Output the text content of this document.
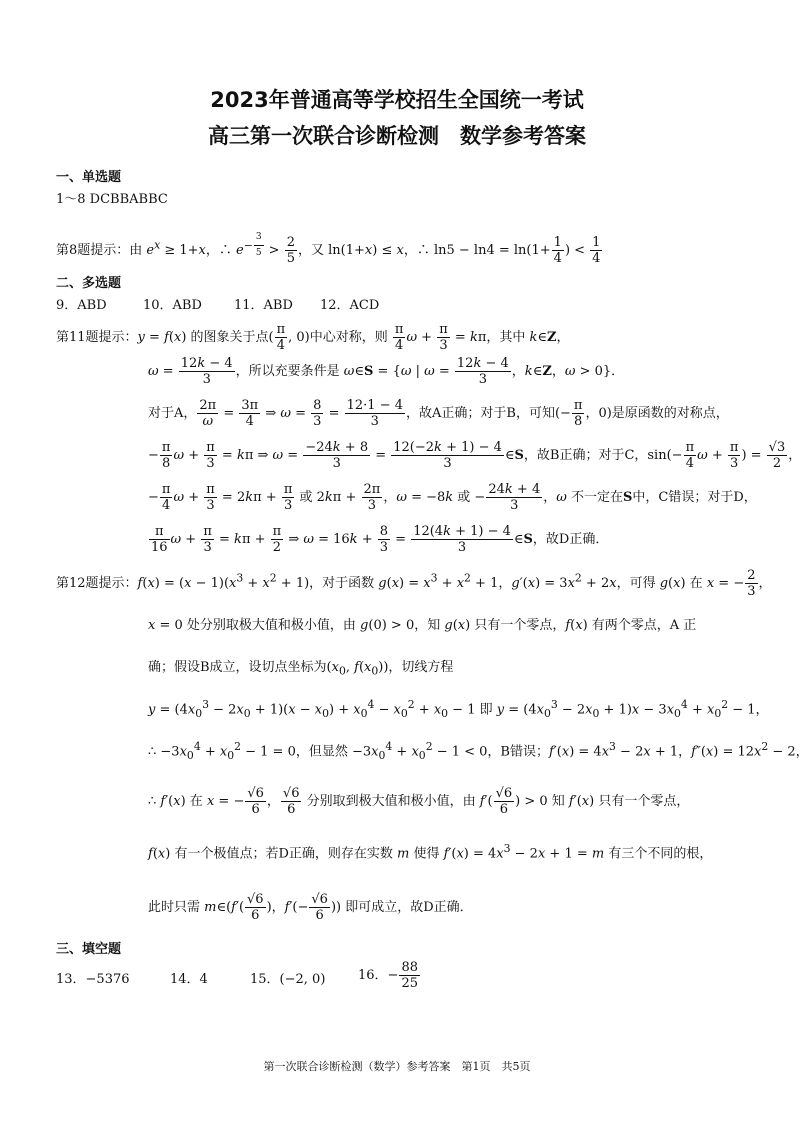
2023年普通高等学校招生全国统一考试
高三第一次联合诊断检测　数学参考答案
一、单选题
1～8 DCBBABBC
第8题提示：由 $e^x \ge 1+x$，∴ $e^{- \frac{3}{5}} > \frac{2}{5}$ ，又 ln(1+x) ≤ x，∴ $\ln 5 - \ln 4 = \ln(1+ \frac{1}{4}$ ) < $\frac{1}{4}$
二、多选题
9．ABD	10．ABD 11．ABD 12．ACD
第11题提示：y = f(x) 的图象关于点( $\frac{\pi}{4}$ , 0)中心对称，则 $\frac{\pi}{4}$ $\omega + \frac{\pi}{3} = k\pi$，其中 k∈Z，
$\omega = \frac{12k - 4}{3}$ ，所以充要条件是 ω∈S = {ω | $\omega = \frac{12k - 4}{3}$ ，k∈Z，ω > 0}．
对于A， $\frac{2\pi}{\omega} = \frac{3\pi}{4}$ ⇒ $\omega = \frac{8}{3} = \frac{12\cdot 1 - 4}{3}$ ，故A正确；对于B，可知(− $\frac{\pi}{8}$ ，0)是原函数的对称点，
− $\frac{\pi}{8}$ $\omega + \frac{\pi}{3} = k\pi$ ⇒ $\omega = \frac{-24k + 8}{3} = \frac{12(-2k + 1) - 4}{3}$ ∈S，故B正确；对于C，$\sin(- \frac{\pi}{4}$ $\omega + \frac{\pi}{3}$ ) = $\frac{√3}{2}$ ，
− $\frac{\pi}{4}$ $\omega + \frac{\pi}{3} = 2k\pi + \frac{\pi}{3}$ 或 $2k\pi + \frac{2\pi}{3}$ ，ω = −8k 或 − $\frac{24k + 4}{3}$ ，ω 不一定在S中，C错误；对于D，
$\frac{\pi}{16}$ $\omega + \frac{\pi}{3} = k\pi + \frac{\pi}{2}$ ⇒ $\omega = 16k + \frac{8}{3} = \frac{12(4k + 1) - 4}{3}$ ∈S，故D正确．
第12题提示：$f(x) = (x - 1)(x^3 + x^2 + 1)$，对于函数 $g(x) = x^3 + x^2 + 1$，$g'(x) = 3x^2 + 2x$，可得 g(x) 在 x = − $\frac{2}{3}$ ，
x = 0 处分别取极大值和极小值，由 g(0) > 0，知 g(x) 只有一个零点，f(x) 有两个零点，A 正
确；假设B成立，设切点坐标为($x_0$, $f(x_0)$)，切线方程
$y = (4x_0^3 - 2x_0 + 1)(x - x_0) + x_0^4 - x_0^2 + x_0 - 1$ 即 $y = (4x_0^3 - 2x_0 + 1)x - 3x_0^4 + x_0^2 - 1$，
∴ $-3x_0^4 + x_0^2 - 1 = 0$，但显然 $-3x_0^4 + x_0^2 - 1 < 0$，B错误；$f'(x) = 4x^3 - 2x + 1$，$f''(x) = 12x^2 - 2$，
∴ f′(x) 在 x = − $\frac{√6}{6}$ ， $\frac{√6}{6}$ 分别取到极大值和极小值，由 $f'( \frac{√6}{6}$ ) > 0 知 f′(x) 只有一个零点，
f(x) 有一个极值点；若D正确，则存在实数 m 使得 $f'(x) = 4x^3 - 2x + 1 = m$ 有三个不同的根，
此时只需 m∈(f′( $\frac{√6}{6}$ )，$f'(- \frac{√6}{6}$ )) 即可成立，故D正确．
三、填空题
13．−5376	14．4	15．(−2, 0)	16．− $\frac{88}{25}$
第一次联合诊断检测（数学）参考答案　第1页　共5页
